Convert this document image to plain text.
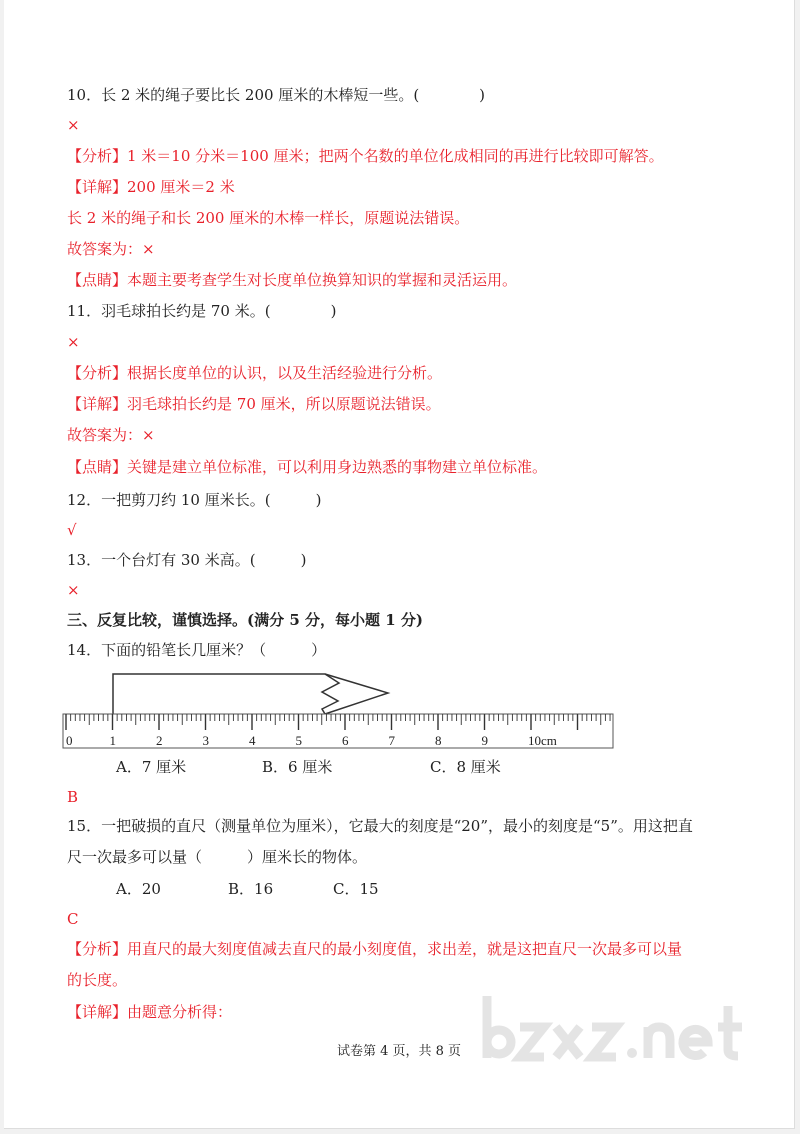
10．长 2 米的绳子要比长 200 厘米的木棒短一些。(　　　　)
×
【分析】1 米＝10 分米＝100 厘米；把两个名数的单位化成相同的再进行比较即可解答。
【详解】200 厘米＝2 米
长 2 米的绳子和长 200 厘米的木棒一样长，原题说法错误。
故答案为：×
【点睛】本题主要考查学生对长度单位换算知识的掌握和灵活运用。
11．羽毛球拍长约是 70 米。(　　　　)
×
【分析】根据长度单位的认识，以及生活经验进行分析。
【详解】羽毛球拍长约是 70 厘米，所以原题说法错误。
故答案为：×
【点睛】关键是建立单位标准，可以利用身边熟悉的事物建立单位标准。
12．一把剪刀约 10 厘米长。(　　　)
√
13．一个台灯有 30 米高。(　　　)
×
三、反复比较，谨慎选择。(满分 5 分，每小题 1 分)
14．下面的铅笔长几厘米？（　　　）
0	1	2	3	4	5	6	7	8	9	10cm
A．7 厘米	B．6 厘米	C．8 厘米
B
15．一把破损的直尺（测量单位为厘米），它最大的刻度是“20”，最小的刻度是“5”。用这把直
尺一次最多可以量（　　　）厘米长的物体。
A．20	B．16	C．15
C
【分析】用直尺的最大刻度值减去直尺的最小刻度值，求出差，就是这把直尺一次最多可以量
的长度。
【详解】由题意分析得：
试卷第 4 页，共 8 页
